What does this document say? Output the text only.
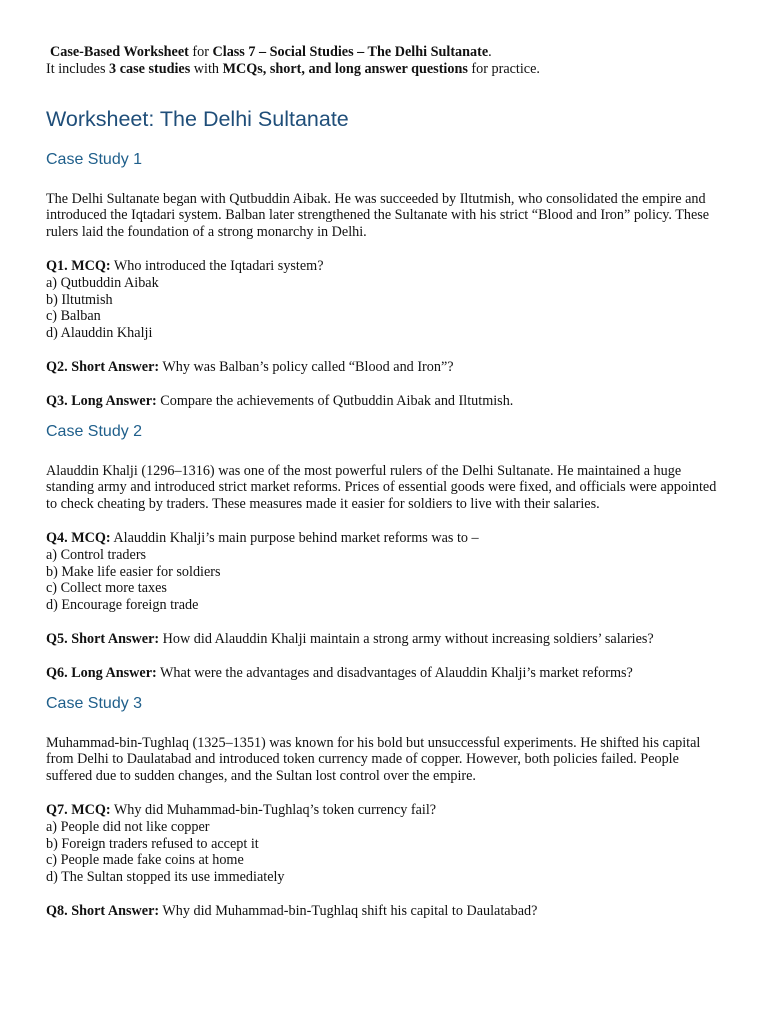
Case-Based Worksheet for Class 7 – Social Studies – The Delhi Sultanate.

It includes 3 case studies with MCQs, short, and long answer questions for practice.

Worksheet: The Delhi Sultanate
Case Study 1

The Delhi Sultanate began with Qutbuddin Aibak. He was succeeded by Iltutmish, who consolidated the empire and introduced the Iqtadari system. Balban later strengthened the Sultanate with his strict “Blood and Iron” policy. These rulers laid the foundation of a strong monarchy in Delhi.

Q1. MCQ: Who introduced the Iqtadari system?

a) Qutbuddin Aibak
b) Iltutmish
c) Balban
d) Alauddin Khalji

Q2. Short Answer: Why was Balban’s policy called “Blood and Iron”?

Q3. Long Answer: Compare the achievements of Qutbuddin Aibak and Iltutmish.

Case Study 2

Alauddin Khalji (1296–1316) was one of the most powerful rulers of the Delhi Sultanate. He maintained a huge standing army and introduced strict market reforms. Prices of essential goods were fixed, and officials were appointed to check cheating by traders. These measures made it easier for soldiers to live with their salaries.

Q4. MCQ: Alauddin Khalji’s main purpose behind market reforms was to –

a) Control traders
b) Make life easier for soldiers
c) Collect more taxes
d) Encourage foreign trade

Q5. Short Answer: How did Alauddin Khalji maintain a strong army without increasing soldiers’ salaries?

Q6. Long Answer: What were the advantages and disadvantages of Alauddin Khalji’s market reforms?

Case Study 3

Muhammad-bin-Tughlaq (1325–1351) was known for his bold but unsuccessful experiments. He shifted his capital from Delhi to Daulatabad and introduced token currency made of copper. However, both policies failed. People suffered due to sudden changes, and the Sultan lost control over the empire.

Q7. MCQ: Why did Muhammad-bin-Tughlaq’s token currency fail?

a) People did not like copper
b) Foreign traders refused to accept it
c) People made fake coins at home
d) The Sultan stopped its use immediately

Q8. Short Answer: Why did Muhammad-bin-Tughlaq shift his capital to Daulatabad?
